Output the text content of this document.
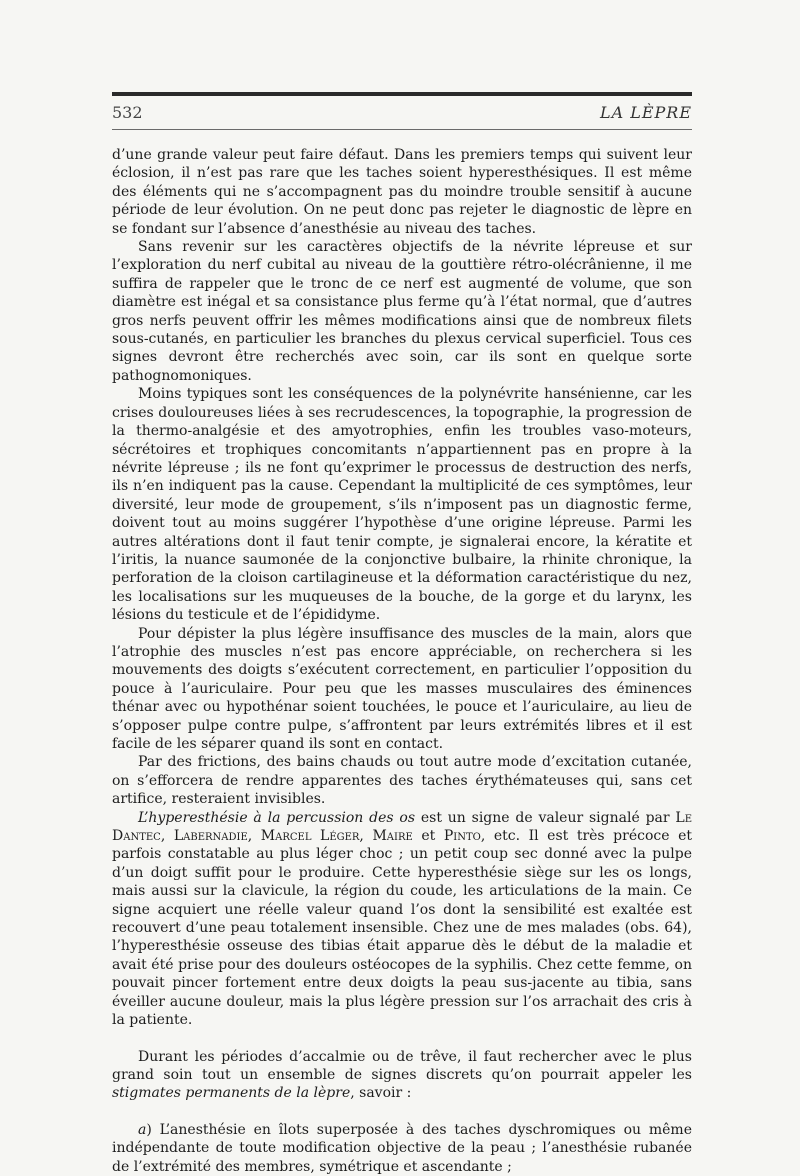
532	LA LÈPRE

d’une grande valeur peut faire défaut. Dans les premiers temps qui suivent leur éclosion, il n’est pas rare que les taches soient hyperesthésiques. Il est même des éléments qui ne s’accompagnent pas du moindre trouble sensitif à aucune période de leur évolution. On ne peut donc pas rejeter le diagnostic de lèpre en se fondant sur l’absence d’anesthésie au niveau des taches.

Sans revenir sur les caractères objectifs de la névrite lépreuse et sur l’exploration du nerf cubital au niveau de la gouttière rétro-olécrânienne, il me suffira de rappeler que le tronc de ce nerf est augmenté de volume, que son diamètre est inégal et sa consistance plus ferme qu’à l’état normal, que d’autres gros nerfs peuvent offrir les mêmes modifications ainsi que de nombreux filets sous-cutanés, en particulier les branches du plexus cervical superficiel. Tous ces signes devront être recherchés avec soin, car ils sont en quelque sorte pathognomoniques.

Moins typiques sont les conséquences de la polynévrite hansénienne, car les crises douloureuses liées à ses recrudescences, la topographie, la progression de la thermo-analgésie et des amyotrophies, enfin les troubles vaso-moteurs, sécrétoires et trophiques concomitants n’appartiennent pas en propre à la névrite lépreuse ; ils ne font qu’exprimer le processus de destruction des nerfs, ils n’en indiquent pas la cause. Cependant la multiplicité de ces symptômes, leur diversité, leur mode de groupement, s’ils n’imposent pas un diagnostic ferme, doivent tout au moins suggérer l’hypothèse d’une origine lépreuse. Parmi les autres altérations dont il faut tenir compte, je signalerai encore, la kératite et l’iritis, la nuance saumonée de la conjonctive bulbaire, la rhinite chronique, la perforation de la cloison cartilagineuse et la déformation caractéristique du nez, les localisations sur les muqueuses de la bouche, de la gorge et du larynx, les lésions du testicule et de l’épididyme.

Pour dépister la plus légère insuffisance des muscles de la main, alors que l’atrophie des muscles n’est pas encore appréciable, on recherchera si les mouvements des doigts s’exécutent correctement, en particulier l’opposition du pouce à l’auriculaire. Pour peu que les masses musculaires des éminences thénar avec ou hypothénar soient touchées, le pouce et l’auriculaire, au lieu de s’opposer pulpe contre pulpe, s’affrontent par leurs extrémités libres et il est facile de les séparer quand ils sont en contact.

Par des frictions, des bains chauds ou tout autre mode d’excitation cutanée, on s’efforcera de rendre apparentes des taches érythémateuses qui, sans cet artifice, resteraient invisibles.

L’hyperesthésie à la percussion des os est un signe de valeur signalé par Le Dantec, Labernadie, Marcel Léger, Maire et Pinto, etc. Il est très précoce et parfois constatable au plus léger choc ; un petit coup sec donné avec la pulpe d’un doigt suffit pour le produire. Cette hyperesthésie siège sur les os longs, mais aussi sur la clavicule, la région du coude, les articulations de la main. Ce signe acquiert une réelle valeur quand l’os dont la sensibilité est exaltée est recouvert d’une peau totalement insensible. Chez une de mes malades (obs. 64), l’hyperesthésie osseuse des tibias était apparue dès le début de la maladie et avait été prise pour des douleurs ostéocopes de la syphilis. Chez cette femme, on pouvait pincer fortement entre deux doigts la peau sus-jacente au tibia, sans éveiller aucune douleur, mais la plus légère pression sur l’os arrachait des cris à la patiente.

Durant les périodes d’accalmie ou de trêve, il faut rechercher avec le plus grand soin tout un ensemble de signes discrets qu’on pourrait appeler les stigmates permanents de la lèpre, savoir :

a) L’anesthésie en îlots superposée à des taches dyschromiques ou même indépendante de toute modification objective de la peau ; l’anesthésie rubanée de l’extrémité des membres, symétrique et ascendante ;
